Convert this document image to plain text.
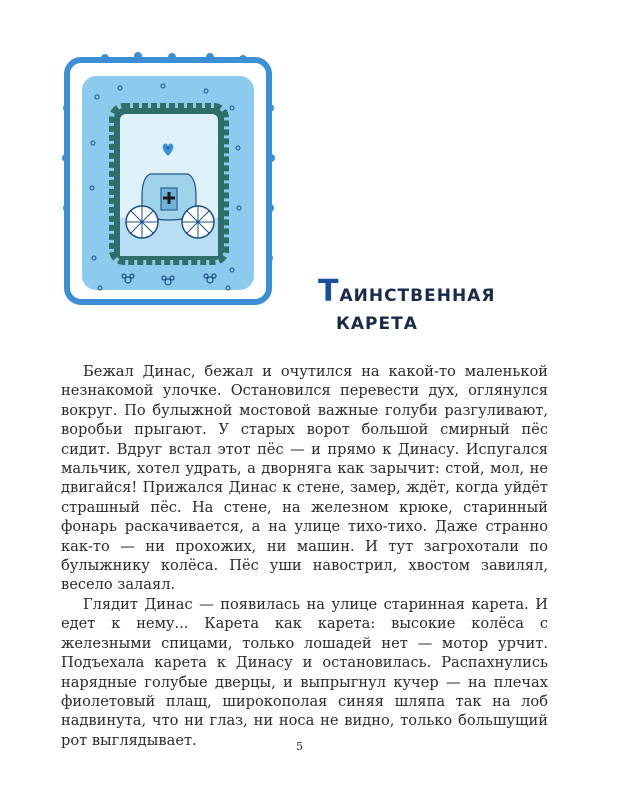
Таинственная
карета

Бежал Динас, бежал и очутился на какой-то маленькой незнакомой улочке. Остановился перевести дух, оглянулся вокруг. По булыжной мостовой важные голуби разгуливают, воробьи прыгают. У старых ворот большой смирный пёс сидит. Вдруг встал этот пёс — и прямо к Динасу. Испугался мальчик, хотел удрать, а дворняга как зарычит: стой, мол, не двигайся! Прижался Динас к стене, замер, ждёт, когда уйдёт страшный пёс. На стене, на железном крюке, старинный фонарь раскачивается, а на улице тихо-тихо. Даже странно как-то — ни прохожих, ни машин. И тут загрохотали по булыжнику колёса. Пёс уши навострил, хвостом завилял, весело залаял.

Глядит Динас — появилась на улице старинная карета. И едет к нему... Карета как карета: высокие колёса с железными спицами, только лошадей нет — мотор урчит. Подъехала карета к Динасу и остановилась. Распахнулись нарядные голубые дверцы, и выпрыгнул кучер — на плечах фиолетовый плащ, широкополая синяя шляпа так на лоб надвинута, что ни глаз, ни носа не видно, только большущий рот выглядывает.	5
